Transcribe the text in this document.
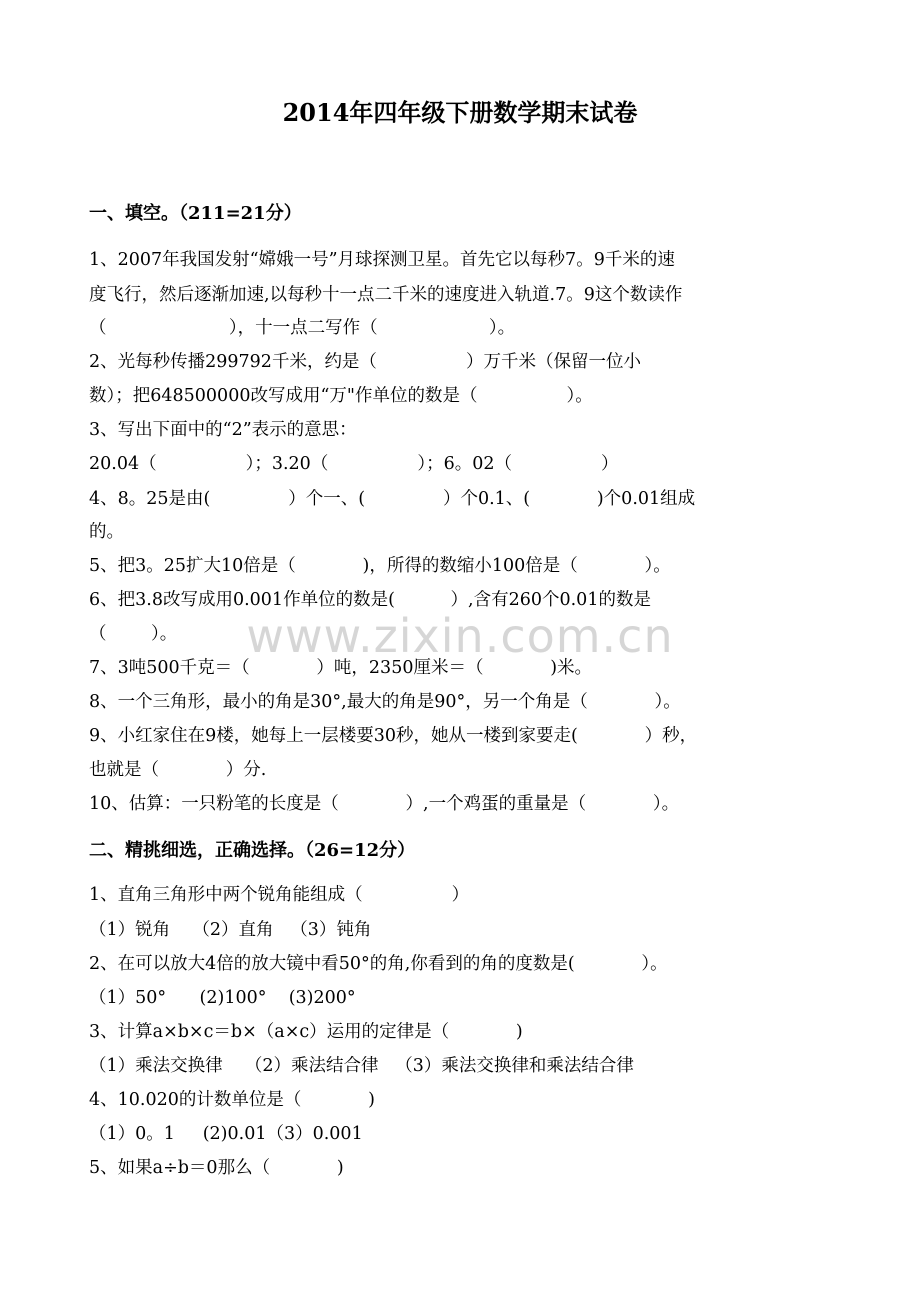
www.zixin.com.cn
2014年四年级下册数学期末试卷
一、填空。（211=21分）
1、2007年我国发射“嫦娥一号”月球探测卫星。首先它以每秒7。9千米的速
度飞行，然后逐渐加速,以每秒十一点二千米的速度进入轨道.7。9这个数读作
（                      ），十一点二写作（                    ）。
2、光每秒传播299792千米，约是（                ）万千米（保留一位小
数）；把648500000改写成用“万"作单位的数是（                ）。
3、写出下面中的“2”表示的意思：
20.04（                ）；3.20（                ）；6。02（                ）
4、8。25是由(              ）个一、(              ）个0.1、(            )个0.01组成
的。
5、把3。25扩大10倍是（            )，所得的数缩小100倍是（            ）。
6、把3.8改写成用0.001作单位的数是(          ）,含有260个0.01的数是
（        ）。
7、3吨500千克＝（            ）吨，2350厘米＝（            )米。
8、一个三角形，最小的角是30°,最大的角是90°，另一个角是（            ）。
9、小红家住在9楼，她每上一层楼要30秒，她从一楼到家要走(            ）秒，
也就是（            ）分.
10、估算：一只粉笔的长度是（            ）,一个鸡蛋的重量是（            ）。
二、精挑细选，正确选择。（26=12分）
1、直角三角形中两个锐角能组成（                ）
（1）锐角    （2）直角   （3）钝角
2、在可以放大4倍的放大镜中看50°的角,你看到的角的度数是(            ）。
（1）50°      (2)100°    (3)200°
3、计算a×b×c＝b×（a×c）运用的定律是（            )
（1）乘法交换律    （2）乘法结合律   （3）乘法交换律和乘法结合律
4、10.020的计数单位是（            )
（1）0。1     (2)0.01（3）0.001
5、如果a÷b＝0那么（            )
